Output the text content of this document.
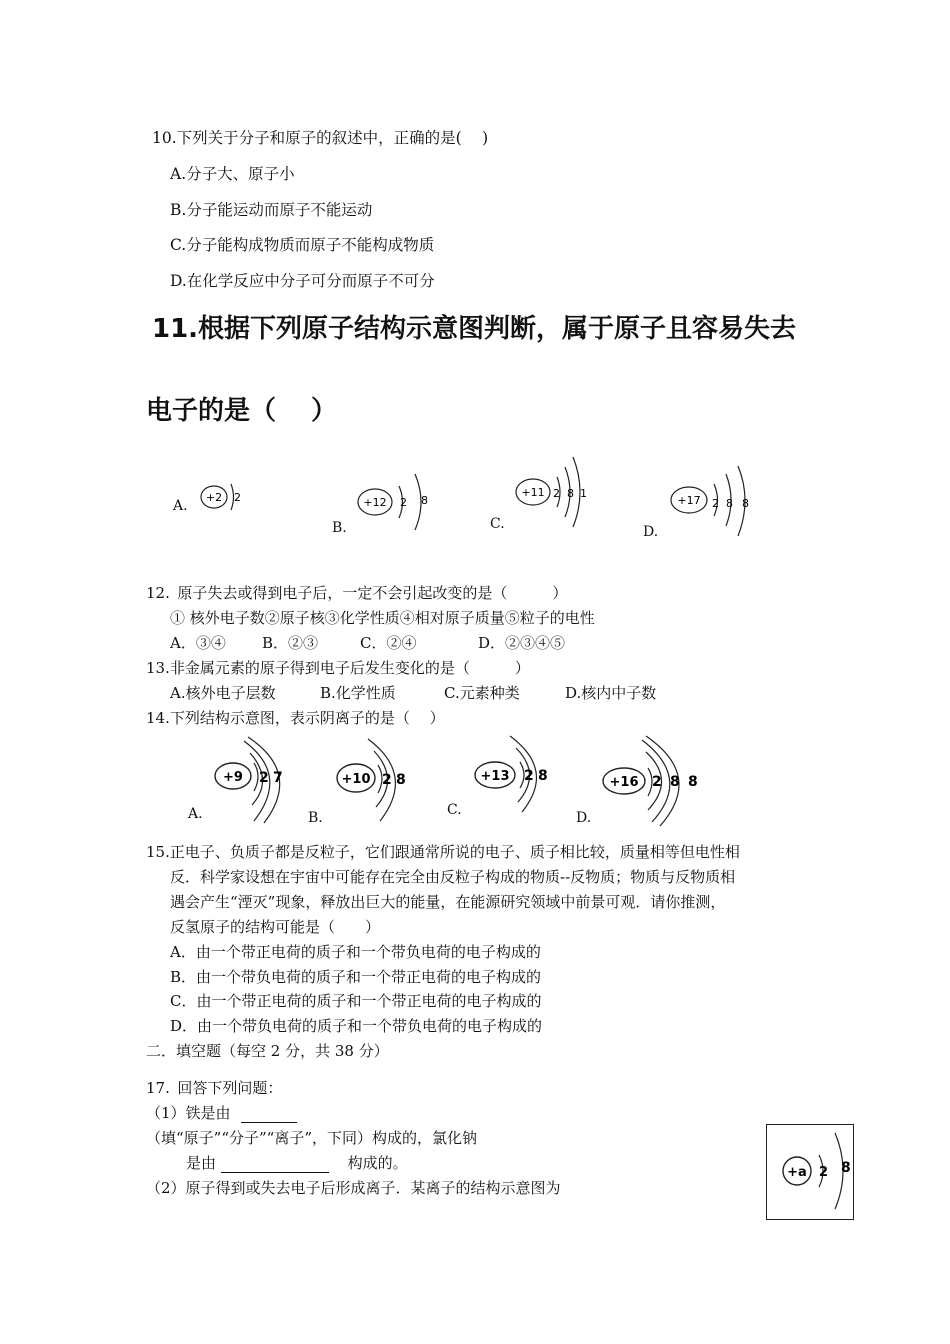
10.下列关于分子和原子的叙述中，正确的是(　 )
A.分子大、原子小
B.分子能运动而原子不能运动
C.分子能构成物质而原子不能构成物质
D.在化学反应中分子可分而原子不可分
11.根据下列原子结构示意图判断，属于原子且容易失去
电子的是（　 ）
A.
+2 2
B.
+12 2 8
C.
+11 2 8 1
D.
+17 2 8 8
12. 原子失去或得到电子后，一定不会引起改变的是（　　　）
① 核外电子数②原子核③化学性质④相对原子质量⑤粒子的电性
A．③④ B．②③	C．②④	D．②③④⑤
13.非金属元素的原子得到电子后发生变化的是（　　　）
A.核外电子层数	B.化学性质	C.元素种类	D.核内中子数
14.下列结构示意图，表示阴离子的是（　 ）
A.
+9 2 7
B.
+10 2 8
C.
+13 2 8
D.
+16 2 8 8
15.正电子、负质子都是反粒子，它们跟通常所说的电子、质子相比较，质量相等但电性相
反．科学家设想在宇宙中可能存在完全由反粒子构成的物质--反物质；物质与反物质相
遇会产生“湮灭”现象，释放出巨大的能量，在能源研究领域中前景可观．请你推测，
反氢原子的结构可能是（　　）
A．由一个带正电荷的质子和一个带负电荷的电子构成的
B．由一个带负电荷的质子和一个带正电荷的电子构成的
C．由一个带正电荷的质子和一个带正电荷的电子构成的
D．由一个带负电荷的质子和一个带负电荷的电子构成的
二．填空题（每空 2 分，共 38 分）
17. 回答下列问题：
（1）铁是由
（填“原子”“分子”“离子”，下同）构成的，氯化钠
是由	构成的。
（2）原子得到或失去电子后形成离子．某离子的结构示意图为
+a 2 8
